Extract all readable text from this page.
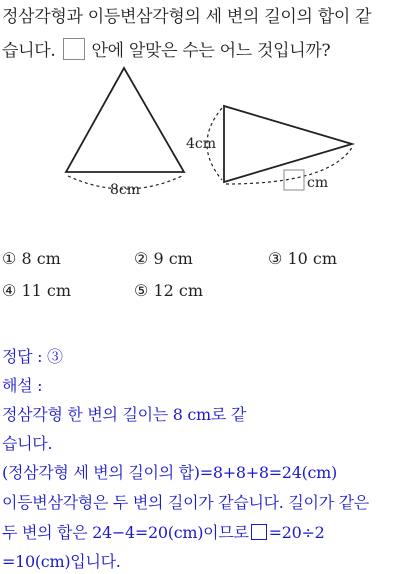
정삼각형과 이등변삼각형의 세 변의 길이의 합이 같
습니다. 안에 알맞은 수는 어느 것입니까?
8cm
4cm
cm
① 8 cm	② 9 cm	③ 10 cm
④ 11 cm	⑤ 12 cm
정답 : ③
해설 :
정삼각형 한 변의 길이는 8 cm로 같
습니다.
(정삼각형 세 변의 길이의 합)=8+8+8=24(cm)
이등변삼각형은 두 변의 길이가 같습니다. 길이가 같은
두 변의 합은 24−4=20(cm)이므로 =20÷2
=10(cm)입니다.
